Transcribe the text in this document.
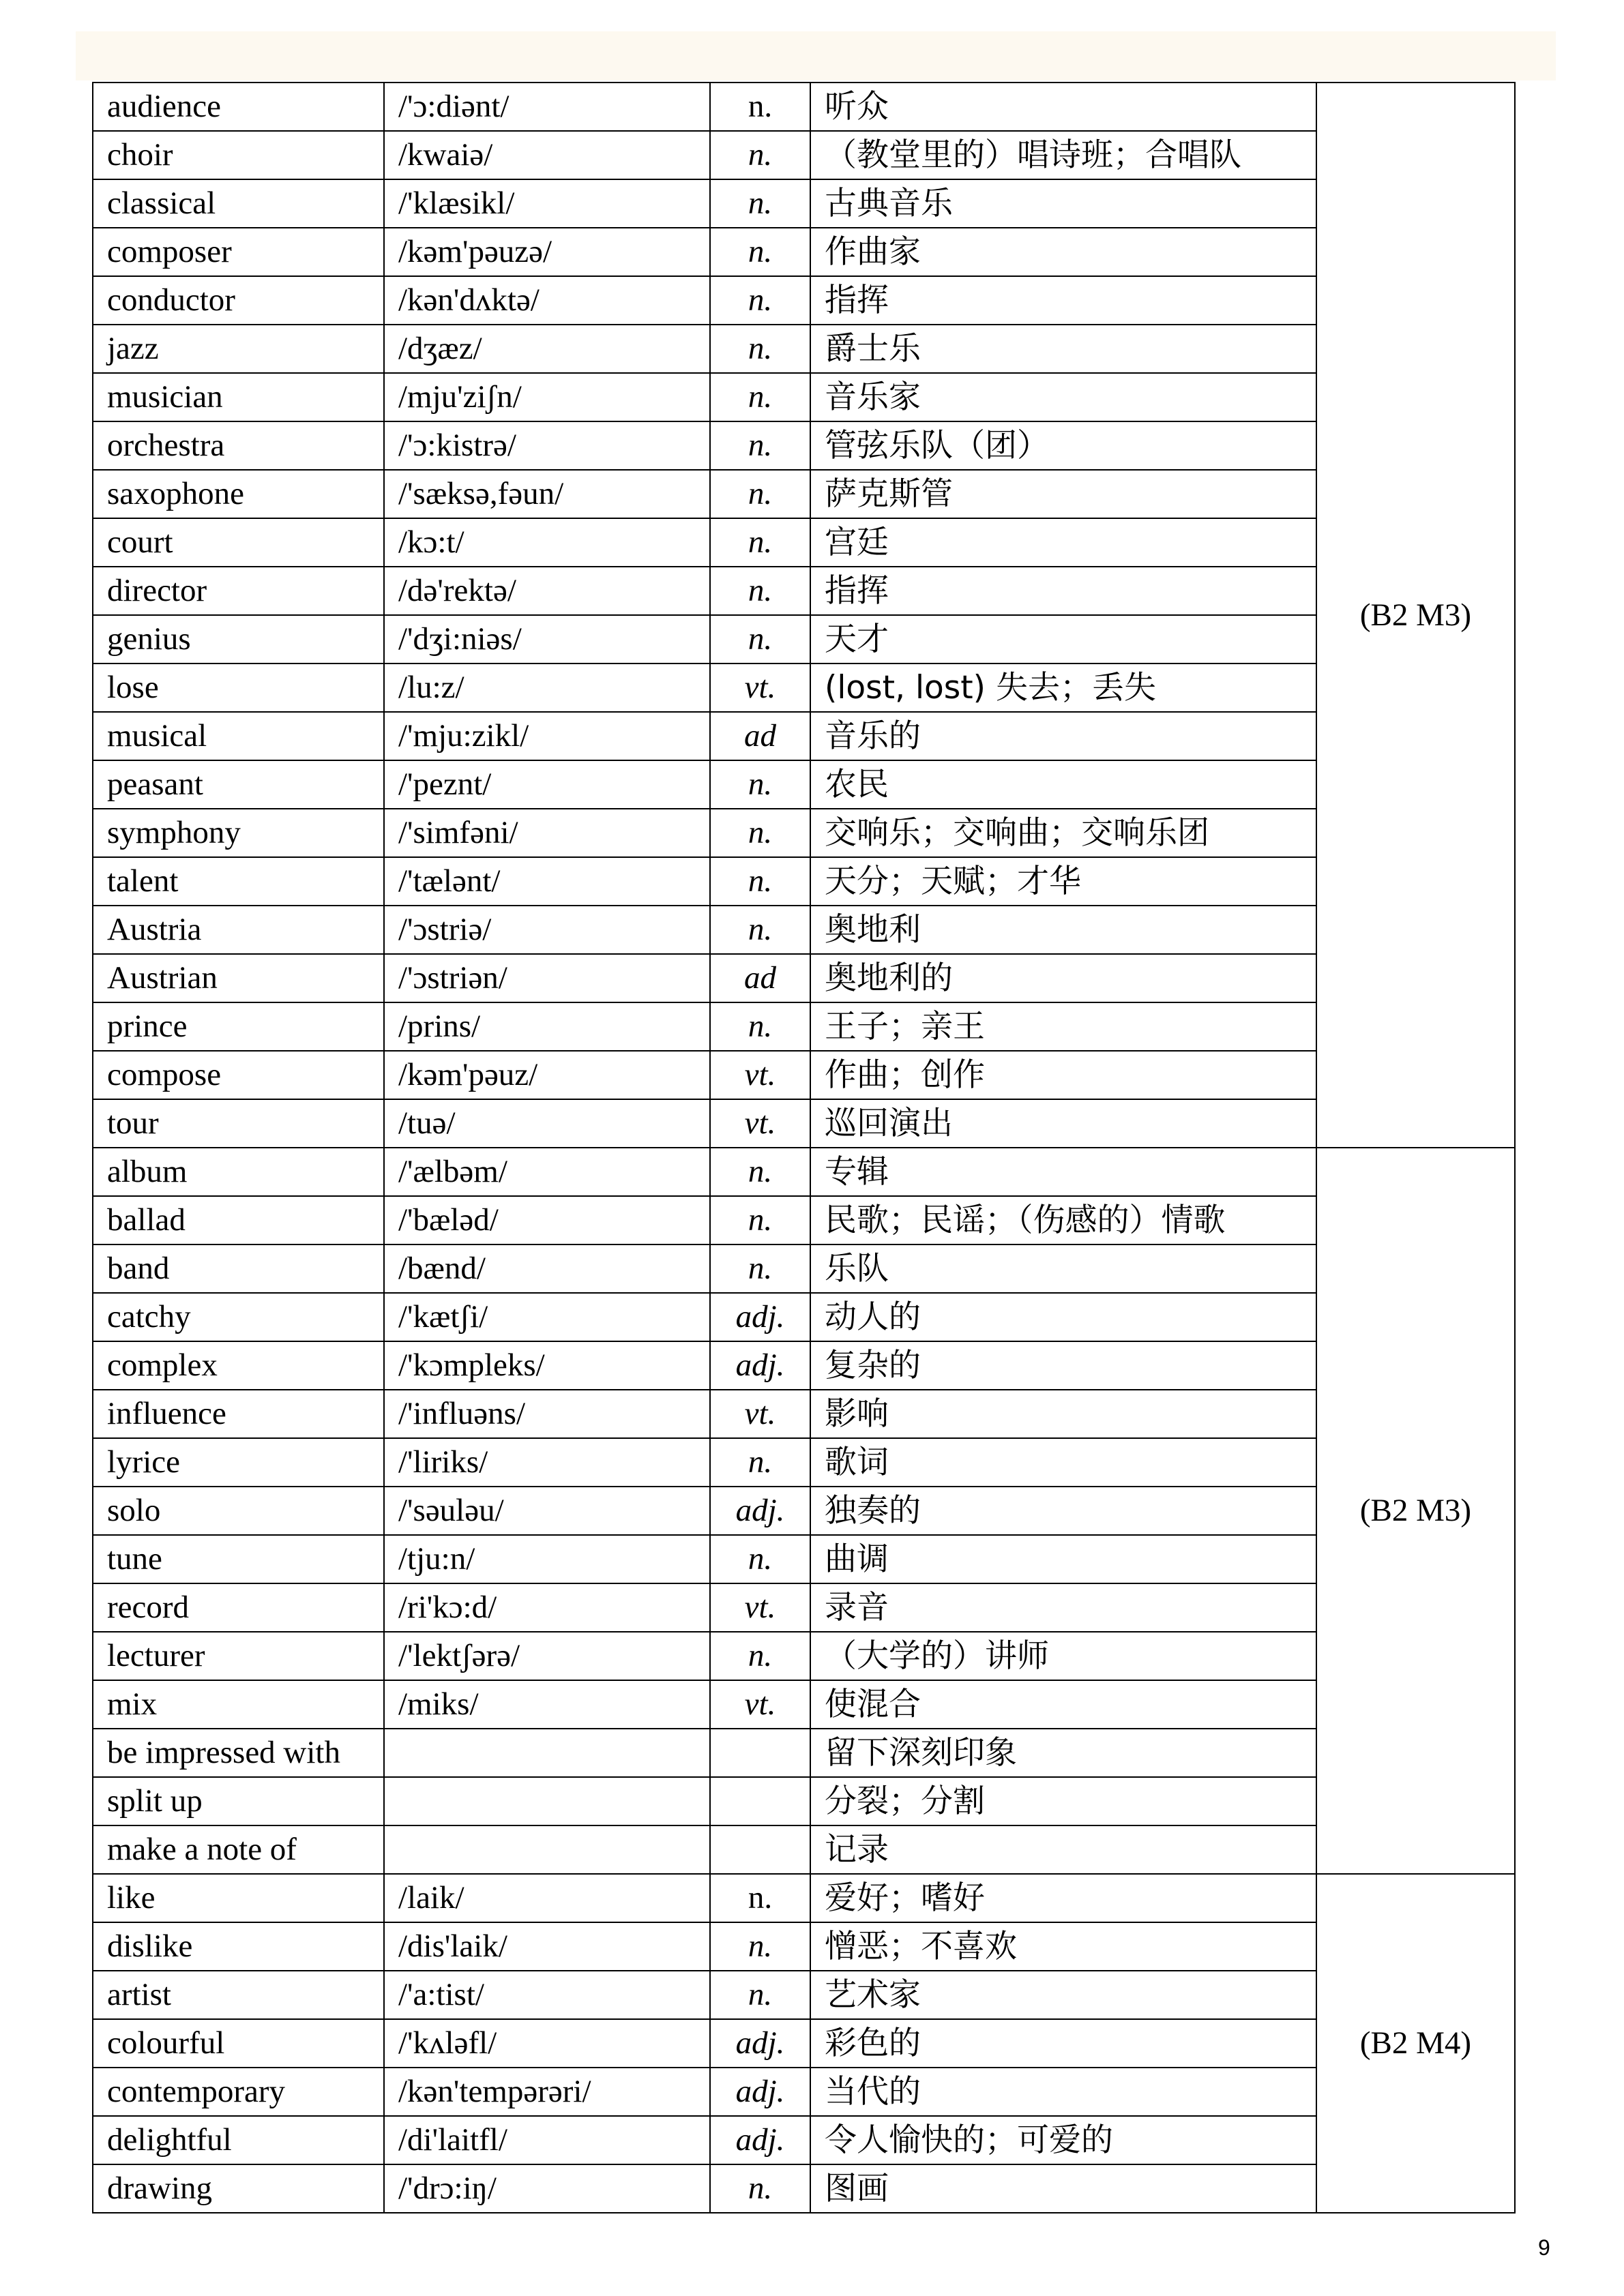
audience	/'ɔ:diənt/	n.	听众	(B2 M3)
choir	/kwaiə/	n.	（教堂里的）唱诗班；合唱队	
classical	/'klæsikl/	n.	古典音乐	
composer	/kəm'pəuzə/	n.	作曲家	
conductor	/kən'dʌktə/	n.	指挥	
jazz	/dʒæz/	n.	爵士乐	
musician	/mju'ziʃn/	n.	音乐家	
orchestra	/'ɔ:kistrə/	n.	管弦乐队（团）	
saxophone	/'sæksə,fəun/	n.	萨克斯管	
court	/kɔ:t/	n.	宫廷	
director	/də'rektə/	n.	指挥	
genius	/'dʒi:niəs/	n.	天才	
lose	/lu:z/	vt.	(lost, lost) 失去；丢失	
musical	/'mju:zikl/	ad	音乐的	
peasant	/'peznt/	n.	农民	
symphony	/'simfəni/	n.	交响乐；交响曲；交响乐团	
talent	/'tælənt/	n.	天分；天赋；才华	
Austria	/'ɔstriə/	n.	奥地利	
Austrian	/'ɔstriən/	ad	奥地利的	
prince	/prins/	n.	王子；亲王	
compose	/kəm'pəuz/	vt.	作曲；创作	
tour	/tuə/	vt.	巡回演出	
album	/'ælbəm/	n.	专辑	(B2 M3)
ballad	/'bæləd/	n.	民歌；民谣；（伤感的）情歌	
band	/bænd/	n.	乐队	
catchy	/'kætʃi/	adj.	动人的	
complex	/'kɔmpleks/	adj.	复杂的	
influence	/'influəns/	vt.	影响	
lyrice	/'liriks/	n.	歌词	
solo	/'səuləu/	adj.	独奏的	
tune	/tju:n/	n.	曲调	
record	/ri'kɔ:d/	vt.	录音	
lecturer	/'lektʃərə/	n.	（大学的）讲师	
mix	/miks/	vt.	使混合	
be impressed with			留下深刻印象	
split up			分裂；分割	
make a note of			记录	
like	/laik/	n.	爱好；嗜好	(B2 M4)
dislike	/dis'laik/	n.	憎恶；不喜欢	
artist	/'a:tist/	n.	艺术家	
colourful	/'kʌləfl/	adj.	彩色的	
contemporary	/kən'tempərəri/	adj.	当代的	
delightful	/di'laitfl/	adj.	令人愉快的；可爱的	
drawing	/'drɔ:iŋ/	n.	图画	
9
